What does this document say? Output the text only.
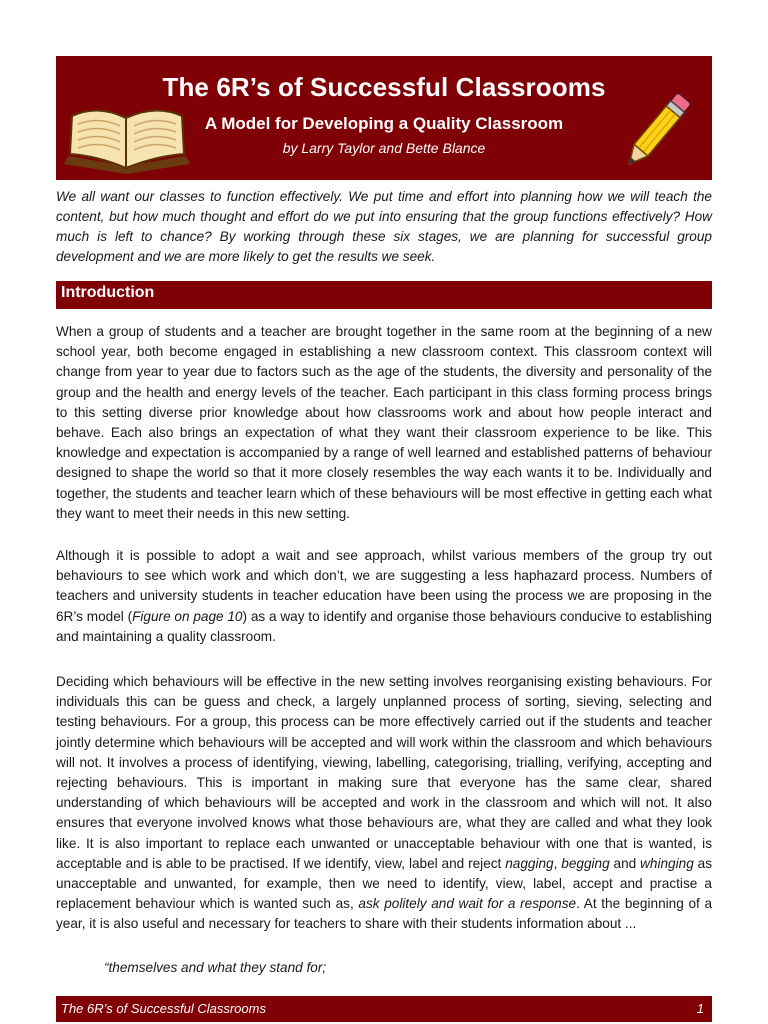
The 6R’s of Successful Classrooms
A Model for Developing a Quality Classroom
by Larry Taylor and Bette Blance

We all want our classes to function effectively. We put time and effort into planning how we will teach the content, but how much thought and effort do we put into ensuring that the group functions effectively? How much is left to chance? By working through these six stages, we are planning for successful group development and we are more likely to get the results we seek.

Introduction

When a group of students and a teacher are brought together in the same room at the beginning of a new school year, both become engaged in establishing a new classroom context. This classroom context will change from year to year due to factors such as the age of the students, the diversity and personality of the group and the health and energy levels of the teacher. Each participant in this class forming process brings to this setting diverse prior knowledge about how classrooms work and about how people interact and behave. Each also brings an expectation of what they want their classroom experience to be like. This knowledge and expectation is accompanied by a range of well learned and established patterns of behaviour designed to shape the world so that it more closely resembles the way each wants it to be. Individually and together, the students and teacher learn which of these behaviours will be most effective in getting each what they want to meet their needs in this new setting.

Although it is possible to adopt a wait and see approach, whilst various members of the group try out behaviours to see which work and which don’t, we are suggesting a less haphazard process. Numbers of teachers and university students in teacher education have been using the process we are proposing in the 6R’s model (Figure on page 10) as a way to identify and organise those behaviours conducive to establishing and maintaining a quality classroom.

Deciding which behaviours will be effective in the new setting involves reorganising existing behaviours. For individuals this can be guess and check, a largely unplanned process of sorting, sieving, selecting and testing behaviours. For a group, this process can be more effectively carried out if the students and teacher jointly determine which behaviours will be accepted and will work within the classroom and which behaviours will not. It involves a process of identifying, viewing, labelling, categorising, trialling, verifying, accepting and rejecting behaviours. This is important in making sure that everyone has the same clear, shared understanding of which behaviours will be accepted and work in the classroom and which will not. It also ensures that everyone involved knows what those behaviours are, what they are called and what they look like. It is also important to replace each unwanted or unacceptable behaviour with one that is wanted, is acceptable and is able to be practised. If we identify, view, label and reject nagging, begging and whinging as unacceptable and unwanted, for example, then we need to identify, view, label, accept and practise a replacement behaviour which is wanted such as, ask politely and wait for a response. At the beginning of a year, it is also useful and necessary for teachers to share with their students information about ...

“themselves and what they stand for;
The 6R’s of Successful Classrooms	1
